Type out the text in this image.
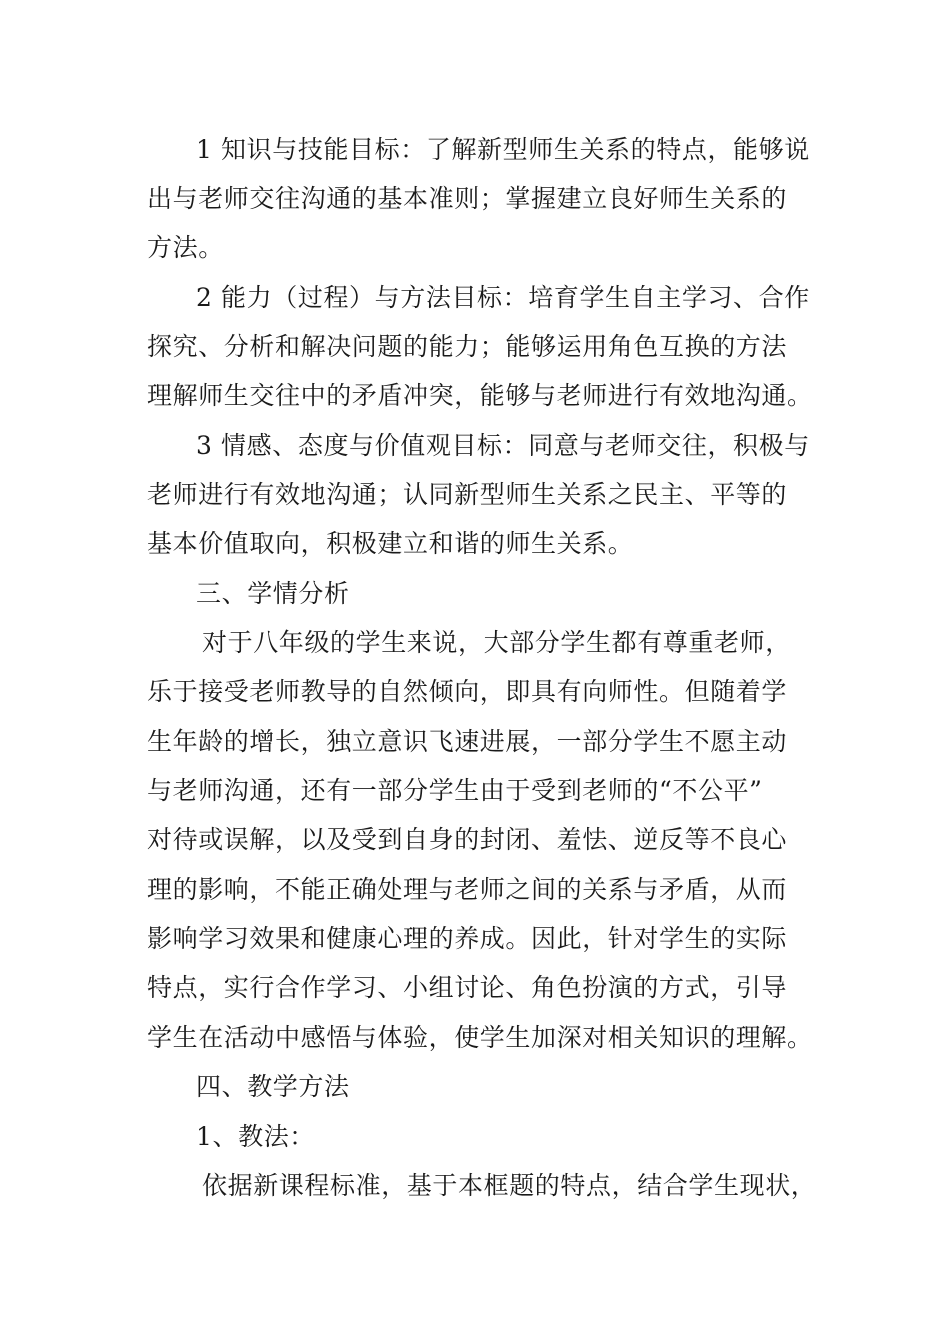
1 知识与技能目标：了解新型师生关系的特点，能够说
出与老师交往沟通的基本准则；掌握建立良好师生关系的
方法。
2 能力（过程）与方法目标：培育学生自主学习、合作
探究、分析和解决问题的能力；能够运用角色互换的方法
理解师生交往中的矛盾冲突，能够与老师进行有效地沟通。
3 情感、态度与价值观目标：同意与老师交往，积极与
老师进行有效地沟通；认同新型师生关系之民主、平等的
基本价值取向，积极建立和谐的师生关系。
三、学情分析
对于八年级的学生来说，大部分学生都有尊重老师，
乐于接受老师教导的自然倾向，即具有向师性。但随着学
生年龄的增长，独立意识飞速进展，一部分学生不愿主动
与老师沟通，还有一部分学生由于受到老师的“不公平”
对待或误解，以及受到自身的封闭、羞怯、逆反等不良心
理的影响，不能正确处理与老师之间的关系与矛盾，从而
影响学习效果和健康心理的养成。因此，针对学生的实际
特点，实行合作学习、小组讨论、角色扮演的方式，引导
学生在活动中感悟与体验，使学生加深对相关知识的理解。
四、教学方法
1、教法：
依据新课程标准，基于本框题的特点，结合学生现状，
